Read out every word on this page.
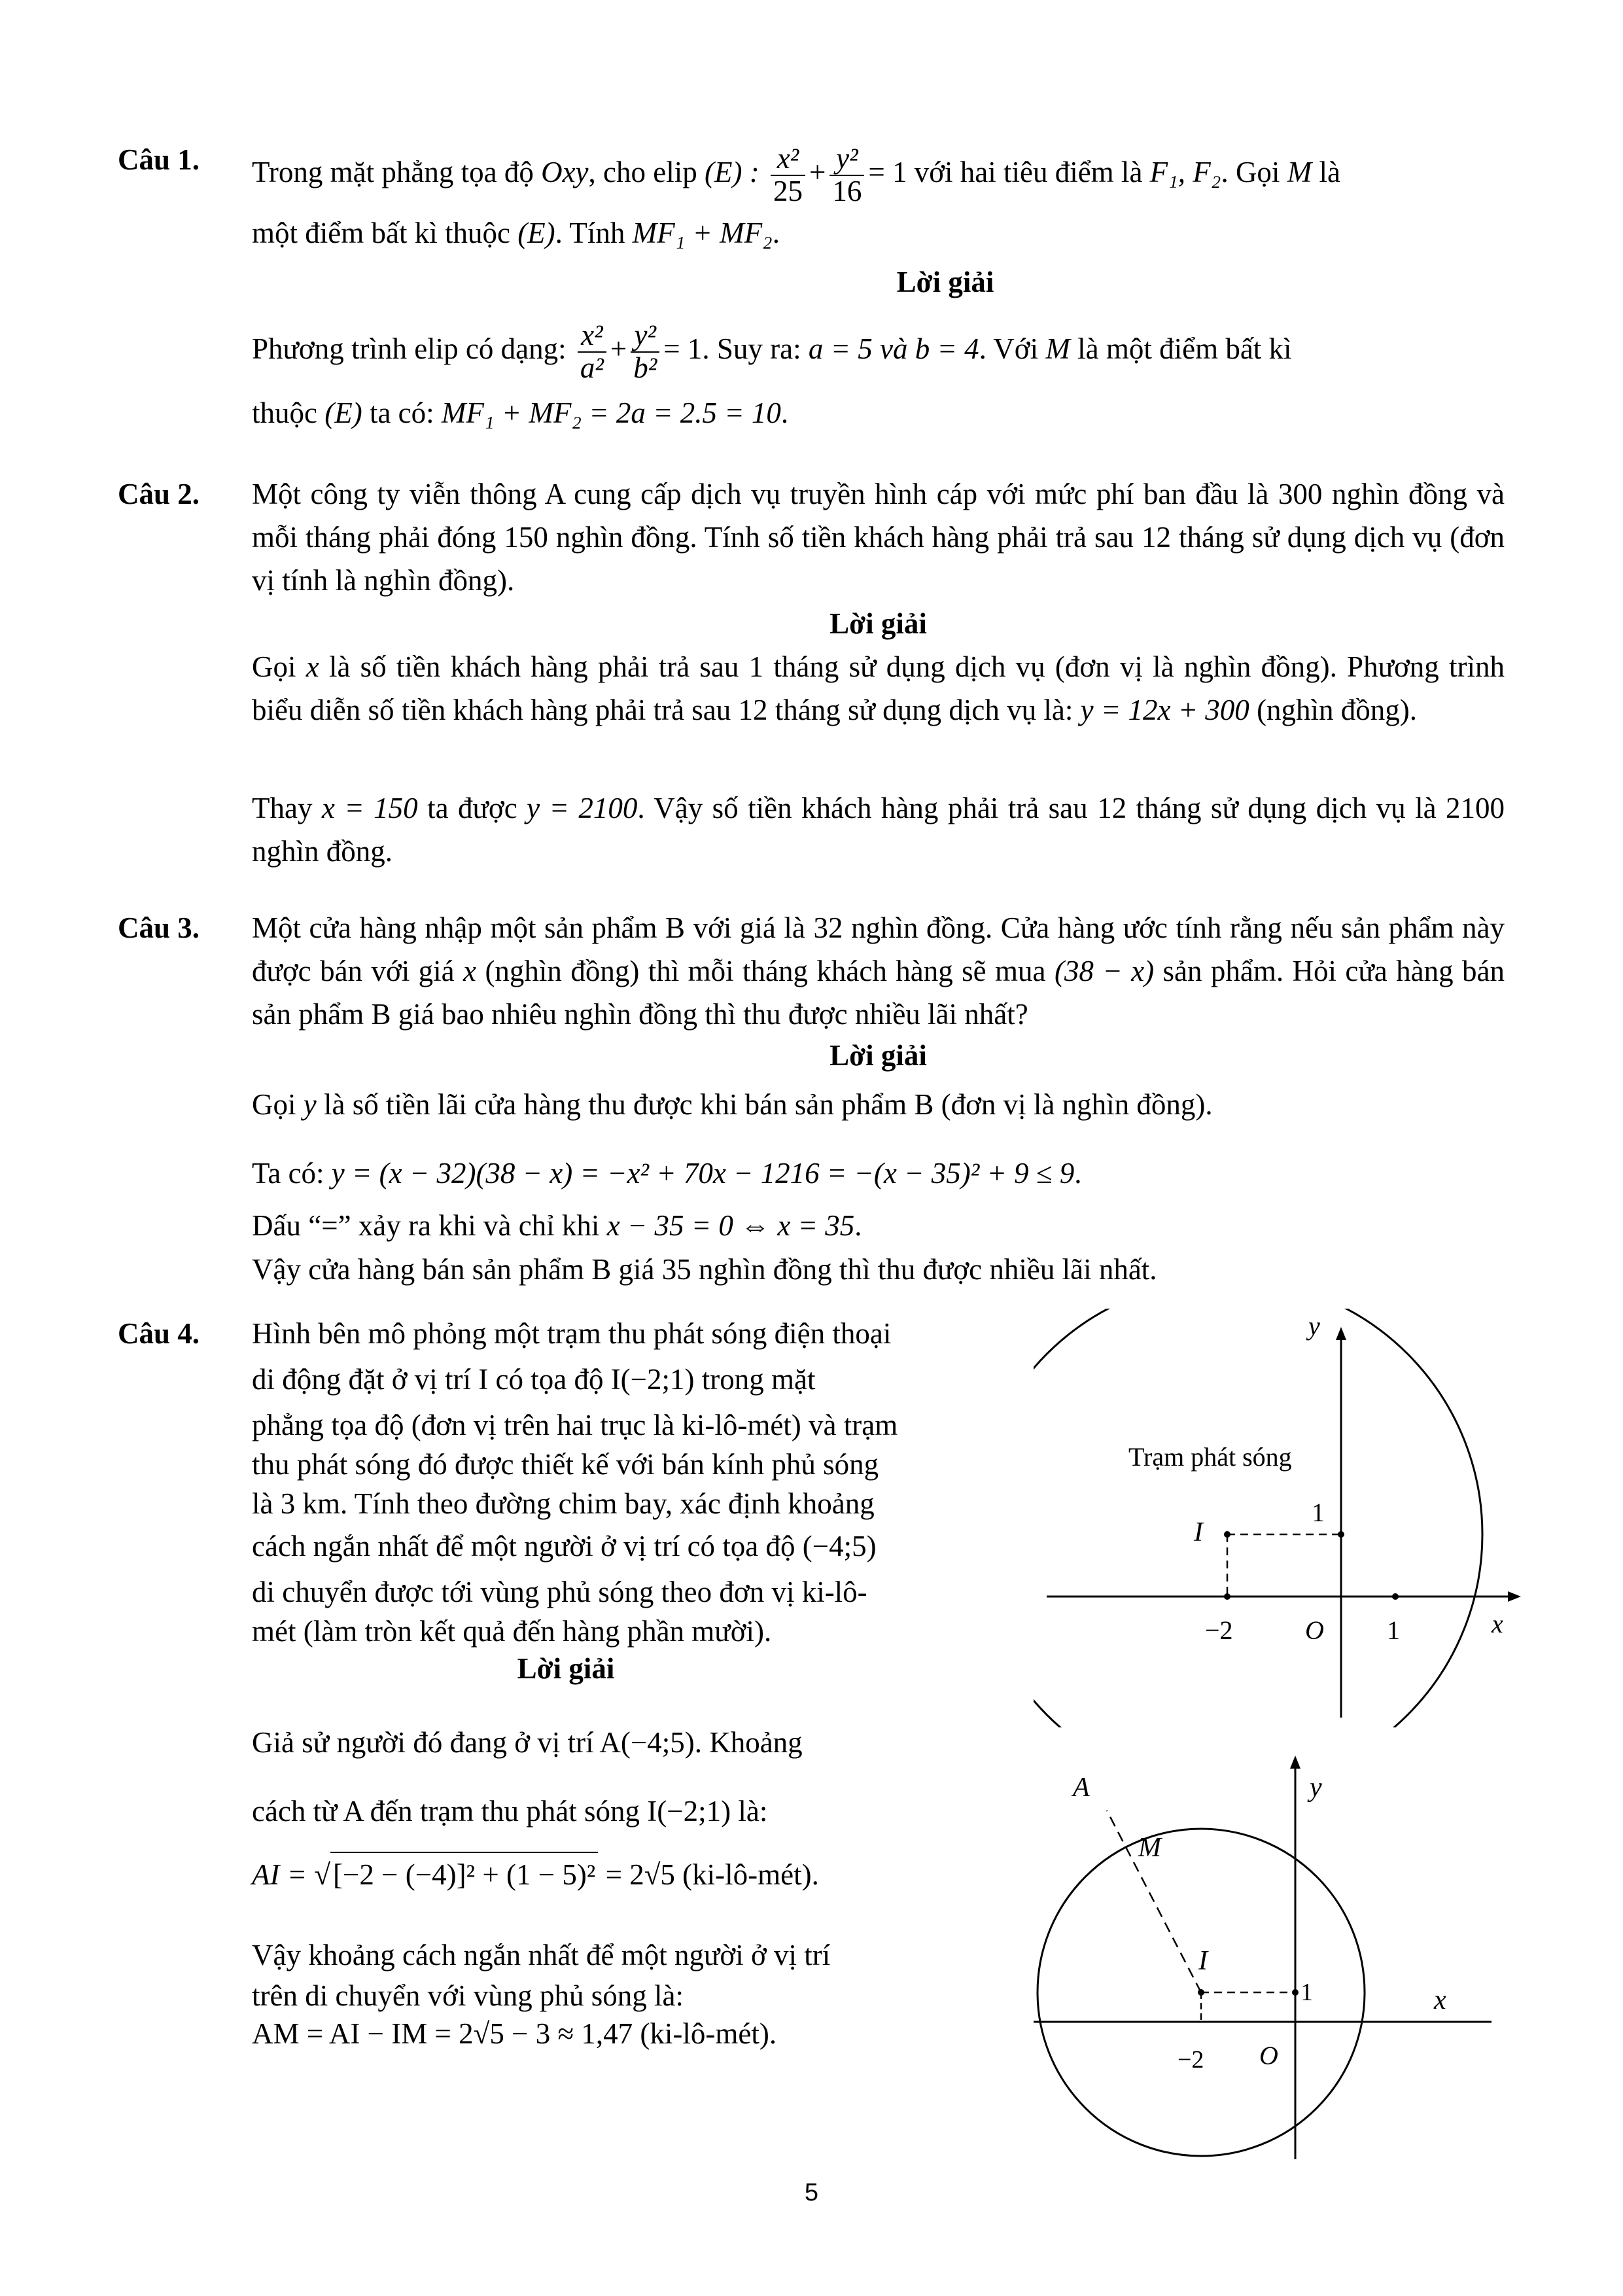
Câu 1. Trong mặt phẳng tọa độ Oxy, cho elip (E) : $\frac{\text{x²}}{25} + \frac{\text{y²}}{16} = 1$ với hai tiêu điểm là F₁, F₂. Gọi M là
một điểm bất kì thuộc (E). Tính MF₁ + MF₂.
Lời giải
Phương trình elip có dạng: $\frac{\text{x²}}{\text{a²}} + \frac{\text{y²}}{\text{b²}} = 1$. Suy ra: a = 5 và b = 4. Với M là một điểm bất kì
thuộc (E) ta có: MF₁ + MF₂ = 2a = 2.5 = 10.
Câu 2. Một công ty viễn thông A cung cấp dịch vụ truyền hình cáp với mức phí ban đầu là 300 nghìn đồng và mỗi tháng phải đóng 150 nghìn đồng. Tính số tiền khách hàng phải trả sau 12 tháng sử dụng dịch vụ (đơn vị tính là nghìn đồng).
Lời giải
Gọi x là số tiền khách hàng phải trả sau 1 tháng sử dụng dịch vụ (đơn vị là nghìn đồng). Phương trình biểu diễn số tiền khách hàng phải trả sau 12 tháng sử dụng dịch vụ là: y = 12x + 300 (nghìn đồng).
Thay x = 150 ta được y = 2100. Vậy số tiền khách hàng phải trả sau 12 tháng sử dụng dịch vụ là 2100 nghìn đồng.
Câu 3. Một cửa hàng nhập một sản phẩm B với giá là 32 nghìn đồng. Cửa hàng ước tính rằng nếu sản phẩm này được bán với giá x (nghìn đồng) thì mỗi tháng khách hàng sẽ mua (38 − x) sản phẩm. Hỏi cửa hàng bán sản phẩm B giá bao nhiêu nghìn đồng thì thu được nhiều lãi nhất?
Lời giải
Gọi y là số tiền lãi cửa hàng thu được khi bán sản phẩm B (đơn vị là nghìn đồng).
Ta có: y = (x − 32)(38 − x) = −x² + 70x − 1216 = −(x − 35)² + 9 ≤ 9.
Dấu “=” xảy ra khi và chỉ khi x − 35 = 0 ⇔ x = 35.
Vậy cửa hàng bán sản phẩm B giá 35 nghìn đồng thì thu được nhiều lãi nhất.
Câu 4. Hình bên mô phỏng một trạm thu phát sóng điện thoại
di động đặt ở vị trí I có tọa độ I(−2;1) trong mặt
phẳng tọa độ (đơn vị trên hai trục là ki-lô-mét) và trạm
thu phát sóng đó được thiết kế với bán kính phủ sóng
là 3 km. Tính theo đường chim bay, xác định khoảng
cách ngắn nhất để một người ở vị trí có tọa độ (−4;5)
di chuyển được tới vùng phủ sóng theo đơn vị ki-lô-
mét (làm tròn kết quả đến hàng phần mười).
Lời giải
Giả sử người đó đang ở vị trí A(−4;5). Khoảng
cách từ A đến trạm thu phát sóng I(−2;1) là:
AI = √[−2 − (−4)]² + (1 − 5)² = 2√5 (ki-lô-mét).
Vậy khoảng cách ngắn nhất để một người ở vị trí
trên di chuyển với vùng phủ sóng là:
AM = AI − IM = 2√5 − 3 ≈ 1,47 (ki-lô-mét).
Trạm phát sóng
I
1
−2	O 1	x
y
A
M
I
1
−2 O
x
y
5
